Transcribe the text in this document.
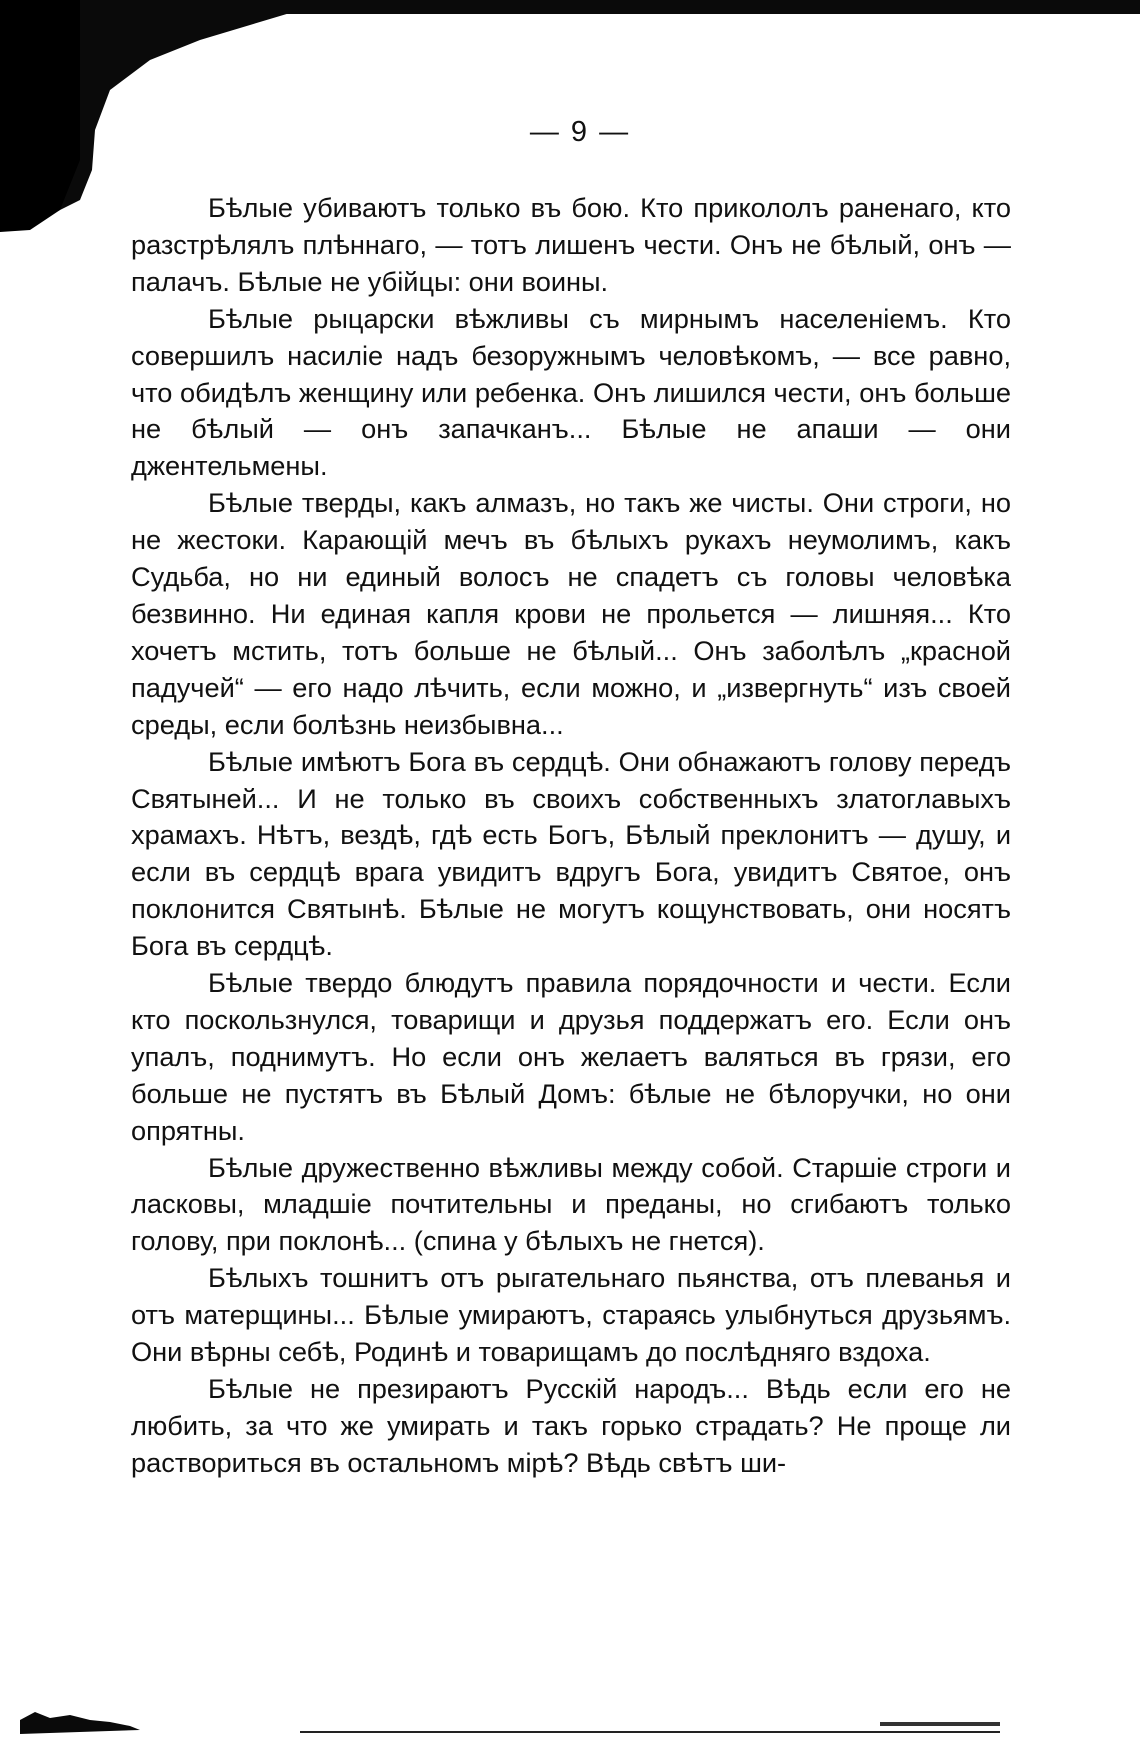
— 9 —

Бѣлые убиваютъ только въ бою. Кто прикололъ раненаго, кто разстрѣлялъ плѣннаго, — тотъ лишенъ чести. Онъ не бѣлый, онъ — палачъ. Бѣлые не убійцы: они воины.

Бѣлые рыцарски вѣжливы съ мирнымъ населеніемъ. Кто совершилъ насиліе надъ безоружнымъ человѣкомъ, — все равно, что обидѣлъ женщину или ребенка. Онъ лишился чести, онъ больше не бѣлый — онъ запачканъ... Бѣлые не апаши — они джентельмены.

Бѣлые тверды, какъ алмазъ, но такъ же чисты. Они строги, но не жестоки. Карающій мечъ въ бѣлыхъ рукахъ неумолимъ, какъ Судьба, но ни единый волосъ не спадетъ съ головы человѣка безвинно. Ни единая капля крови не прольется — лишняя... Кто хочетъ мстить, тотъ больше не бѣлый... Онъ заболѣлъ „красной падучей“ — его надо лѣчить, если можно, и „извергнуть“ изъ своей среды, если болѣзнь неизбывна...

Бѣлые имѣютъ Бога въ сердцѣ. Они обнажаютъ голову передъ Святыней... И не только въ своихъ собственныхъ златоглавыхъ храмахъ. Нѣтъ, вездѣ, гдѣ есть Богъ, Бѣлый преклонитъ — душу, и если въ сердцѣ врага увидитъ вдругъ Бога, увидитъ Святое, онъ поклонится Святынѣ. Бѣлые не могутъ кощунствовать, они носятъ Бога въ сердцѣ.

Бѣлые твердо блюдутъ правила порядочности и чести. Если кто поскользнулся, товарищи и друзья поддержатъ его. Если онъ упалъ, поднимутъ. Но если онъ желаетъ валяться въ грязи, его больше не пустятъ въ Бѣлый Домъ: бѣлые не бѣлоручки, но они опрятны.

Бѣлые дружественно вѣжливы между собой. Старшіе строги и ласковы, младшіе почтительны и преданы, но сгибаютъ только голову, при поклонѣ... (спина у бѣлыхъ не гнется).

Бѣлыхъ тошнитъ отъ рыгательнаго пьянства, отъ плеванья и отъ матерщины... Бѣлые умираютъ, стараясь улыбнуться друзьямъ. Они вѣрны себѣ, Родинѣ и товарищамъ до послѣдняго вздоха.

Бѣлые не презираютъ Русскій народъ... Вѣдь если его не любить, за что же умирать и такъ горько страдать? Не проще ли раствориться въ остальномъ мірѣ? Вѣдь свѣтъ ши-
